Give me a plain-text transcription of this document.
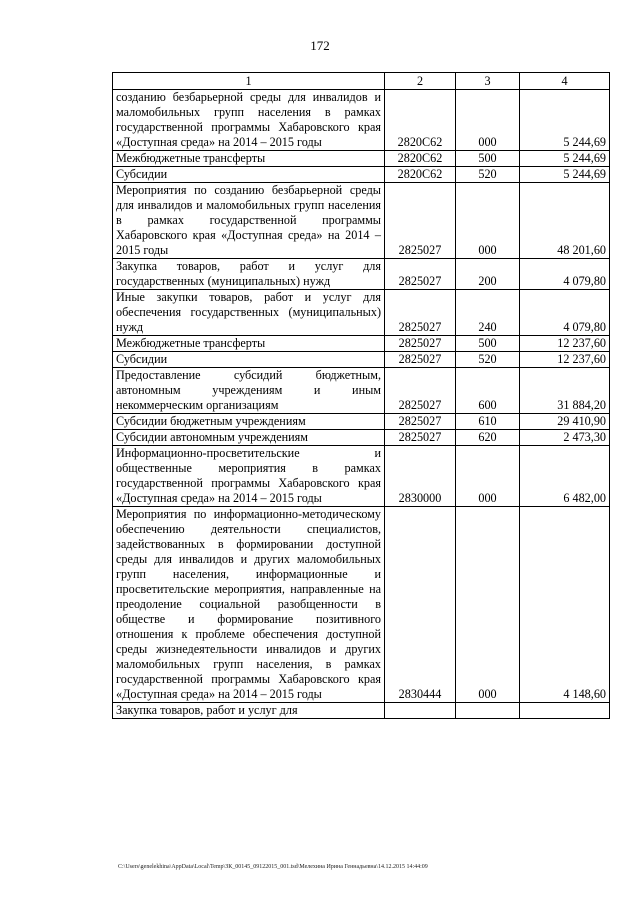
172
1	2	3	4
созданию безбарьерной среды для инвалидов и маломобильных групп населения в рамках государственной программы Хабаровского края «Доступная среда» на 2014 – 2015 годы	2820С62	000	5 244,69
Межбюджетные трансферты	2820С62	500	5 244,69
Субсидии	2820С62	520	5 244,69
Мероприятия по созданию безбарьерной среды для инвалидов и маломобильных групп населения в рамках государственной программы Хабаровского края «Доступная среда» на 2014 – 2015 годы	2825027	000	48 201,60
Закупка товаров, работ и услуг для государственных (муниципальных) нужд	2825027	200	4 079,80
Иные закупки товаров, работ и услуг для обеспечения государственных (муниципальных) нужд	2825027	240	4 079,80
Межбюджетные трансферты	2825027	500	12 237,60
Субсидии	2825027	520	12 237,60
Предоставление субсидий бюджетным, автономным учреждениям и иным некоммерческим организациям	2825027	600	31 884,20
Субсидии бюджетным учреждениям	2825027	610	29 410,90
Субсидии автономным учреждениям	2825027	620	2 473,30
Информационно-просветительские и общественные мероприятия в рамках государственной программы Хабаровского края «Доступная среда» на 2014 – 2015 годы	2830000	000	6 482,00
Мероприятия по информационно-методическому обеспечению деятельности специалистов, задействованных в формировании доступной среды для инвалидов и других маломобильных групп населения, информационные и просветительские мероприятия, направленные на преодоление социальной разобщенности в обществе и формирование позитивного отношения к проблеме обеспечения доступной среды жизнедеятельности инвалидов и других маломобильных групп населения, в рамках государственной программы Хабаровского края «Доступная среда» на 2014 – 2015 годы	2830444	000	4 148,60
Закупка товаров, работ и услуг для			
C:\Users\genelekhina\AppData\Local\Temp\ЗК_00145_09122015_001.tsd\Мелехина Ирина Геннадьевна\14.12.2015 14:44:09
